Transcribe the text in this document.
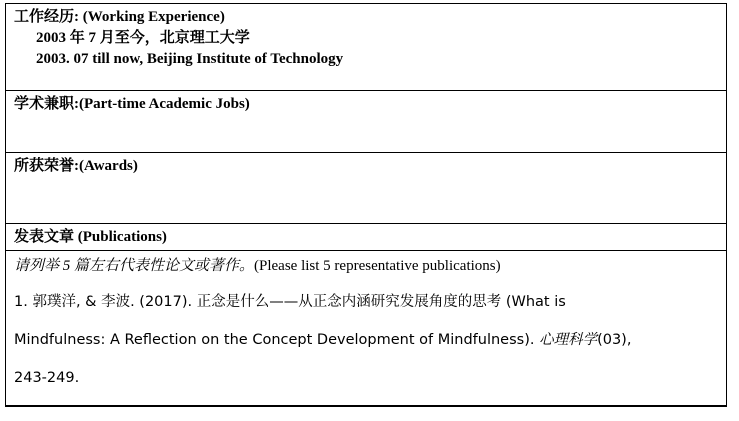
工作经历: (Working Experience)
2003 年 7 月至今，北京理工大学
2003. 07 till now, Beijing Institute of Technology
学术兼职:(Part-time Academic Jobs)
所获荣誉:(Awards)
发表文章 (Publications)
请列举 5 篇左右代表性论文或著作。(Please list 5 representative publications)
1. 郭璞洋, & 李波. (2017). 正念是什么——从正念内涵研究发展角度的思考 (What is
Mindfulness: A Reflection on the Concept Development of Mindfulness). 心理科学(03),
243-249.
